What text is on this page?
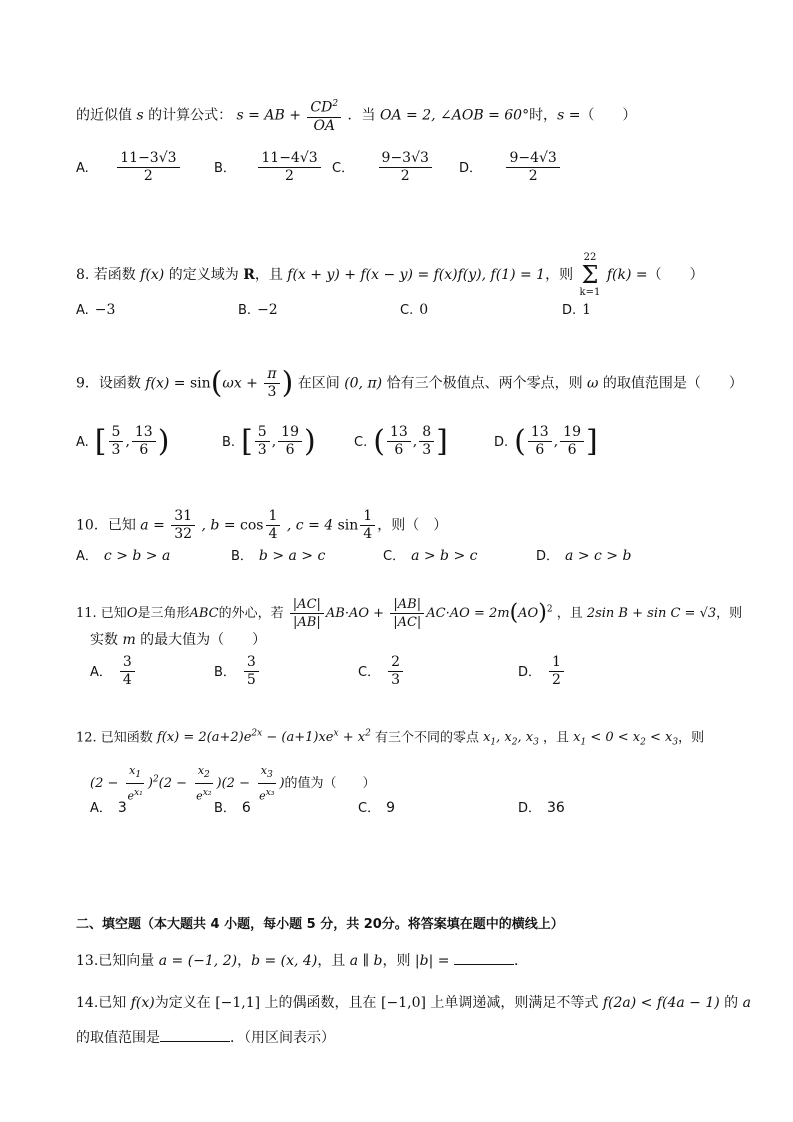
的近似值 s 的计算公式： s = AB + $\frac{CD^2}{OA}$ ．当 OA = 2, ∠AOB = 60°时，s =（　　）
A. $\frac{11-3√3}{2}$	B． $\frac{11-4√3}{2}$ C． $\frac{9-3√3}{2}$ D． $\frac{9-4√3}{2}$
8. 若函数 f(x) 的定义域为 R，且 f(x + y) + f(x − y) = f(x)f(y), f(1) = 1，则
22
Σ
k=1
f(k) =（　　）
A. −3	B. −2	C. 0	D. 1
9．设函数 $f(x) = \sin(\omega x + \frac{\pi}{3}$ ) 在区间 (0, π) 恰有三个极值点、两个零点，则 ω 的取值范围是（　　）
A. [ $\frac{5}{3}$ , $\frac{13}{6}$ )	B. [ $\frac{5}{3}$ , $\frac{19}{6}$ )	C. ( $\frac{13}{6}$ , $\frac{8}{3}$ ]	D. ( $\frac{13}{6}$ , $\frac{19}{6}$ ]
10．已知 $a = \frac{31}{32}$ , $b = \cos \frac{1}{4}$ , c = 4 $\sin \frac{1}{4}$ ，则（　）
A． c > b > a	B． b > a > c	C． a > b > c	D． a > c > b
11. 已知O是三角形ABC的外心，若 $\frac{|AC|}{|AB|} AB\cdot AO + \frac{|AB|}{|AC|} AC\cdot AO = 2m(AO)^2$ ，且 2sin B + sin C = √3，则
实数 m 的最大值为（　　）
A． $\frac{3}{4}$	B． $\frac{3}{5}$	C． $\frac{2}{3}$	D． $\frac{1}{2}$
12. 已知函数 $f(x) = 2(a+2)e^{2x} - (a+1)xe^x + x^2$ 有三个不同的零点 $x_1$, $x_2$, $x_3$ ，且 $x_1 < 0 < x_2 < x_3$，则
$(2 - \frac{x_1}{e^{x_1}} )^2(2 - \frac{x_2}{e^{x_2}} )(2 - \frac{x_3}{e^{x_3}}$ )的值为（　　）
A． 3	B． 6	C． 9	D． 36
二、填空题（本大题共 4 小题，每小题 5 分，共 20分。将答案填在题中的横线上）
13.已知向量 a = (−1, 2)，b = (x, 4)，且 a ∥ b，则 |b| =	．
14.已知 f(x)为定义在 [−1,1] 上的偶函数，且在 [−1,0] 上单调递减，则满足不等式 f(2a) < f(4a − 1) 的 a
的取值范围是	．（用区间表示）
